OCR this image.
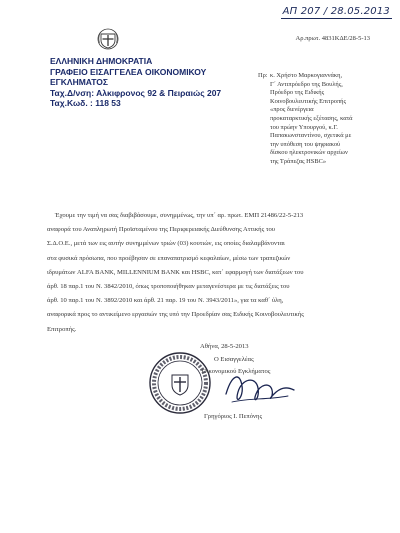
ΑΠ 207 / 28.05.2013
Αρ.πρωτ. 4831ΚΔΕ/28-5-13
ΕΛΛΗΝΙΚΗ ΔΗΜΟΚΡΑΤΙΑ
ΓΡΑΦΕΙΟ ΕΙΣΑΓΓΕΛΕΑ ΟΙΚΟΝΟΜΙΚΟΥ
ΕΓΚΛΗΜΑΤΟΣ
Ταχ.Δ/νση: Αλκιφρονος 92 & Πειραιώς 207
Ταχ.Κωδ. : 118 53
Πρ: κ. Χρήστο Μαρκογιαννάκη,
Γ΄ Αντιπρόεδρο της Βουλής,
Πρόεδρο της Ειδικής
Κοινοβουλευτικής Επιτροπής
«προς διενέργεια
προκαταρκτικής εξέτασης, κατά
του πρώην Υπουργού, κ.Γ.
Παπακωνσταντίνου, σχετικά με
την υπόθεση του ψηφιακού
δίσκου ηλεκτρονικών αρχείων
της Τράπεζας HSBC»
Έχουμε την τιμή να σας διαβιβάσουμε, συνημμένως, την υπ΄ αρ. πρωτ. ΕΜΠ 21486/22-5-213
αναφορά του Αναπληρωτή Προϊσταμένου της Περιφερειακής Διεύθυνσης Αττικής του
Σ.Δ.Ο.Ε., μετά των εις αυτήν συνημμένων τριών (03) κουτιών, εις οποίες διαλαμβάνονται
στα φυσικά πρόσωπα, που προέβησαν σε επαναπατρισμό κεφαλαίων, μέσω των τραπεζικών
ιδρυμάτων ALFA BANK, MILLENNIUM BANK και HSBC, κατ΄ εφαρμογή των διατάξεων του
άρθ. 18 παρ.1 του Ν. 3842/2010, όπως τροποποιήθηκαν μεταγενέστερα με τις διατάξεις του
άρθ. 10 παρ.1 του Ν. 3892/2010 και άρθ. 21 παρ. 19 του Ν. 3943/2011», για τα καθ΄ ύλη,
αναφορικά προς το αντικείμενο εργασιών της υπό την Προεδρίαν σας Ειδικής Κοινοβουλευτικής
Επιτροπής.
Αθήνα, 28-5-2013
Ο Εισαγγελέας
Οικονομικού Εγκλήματος
Γρηγόριος Ι. Πεπόνης
